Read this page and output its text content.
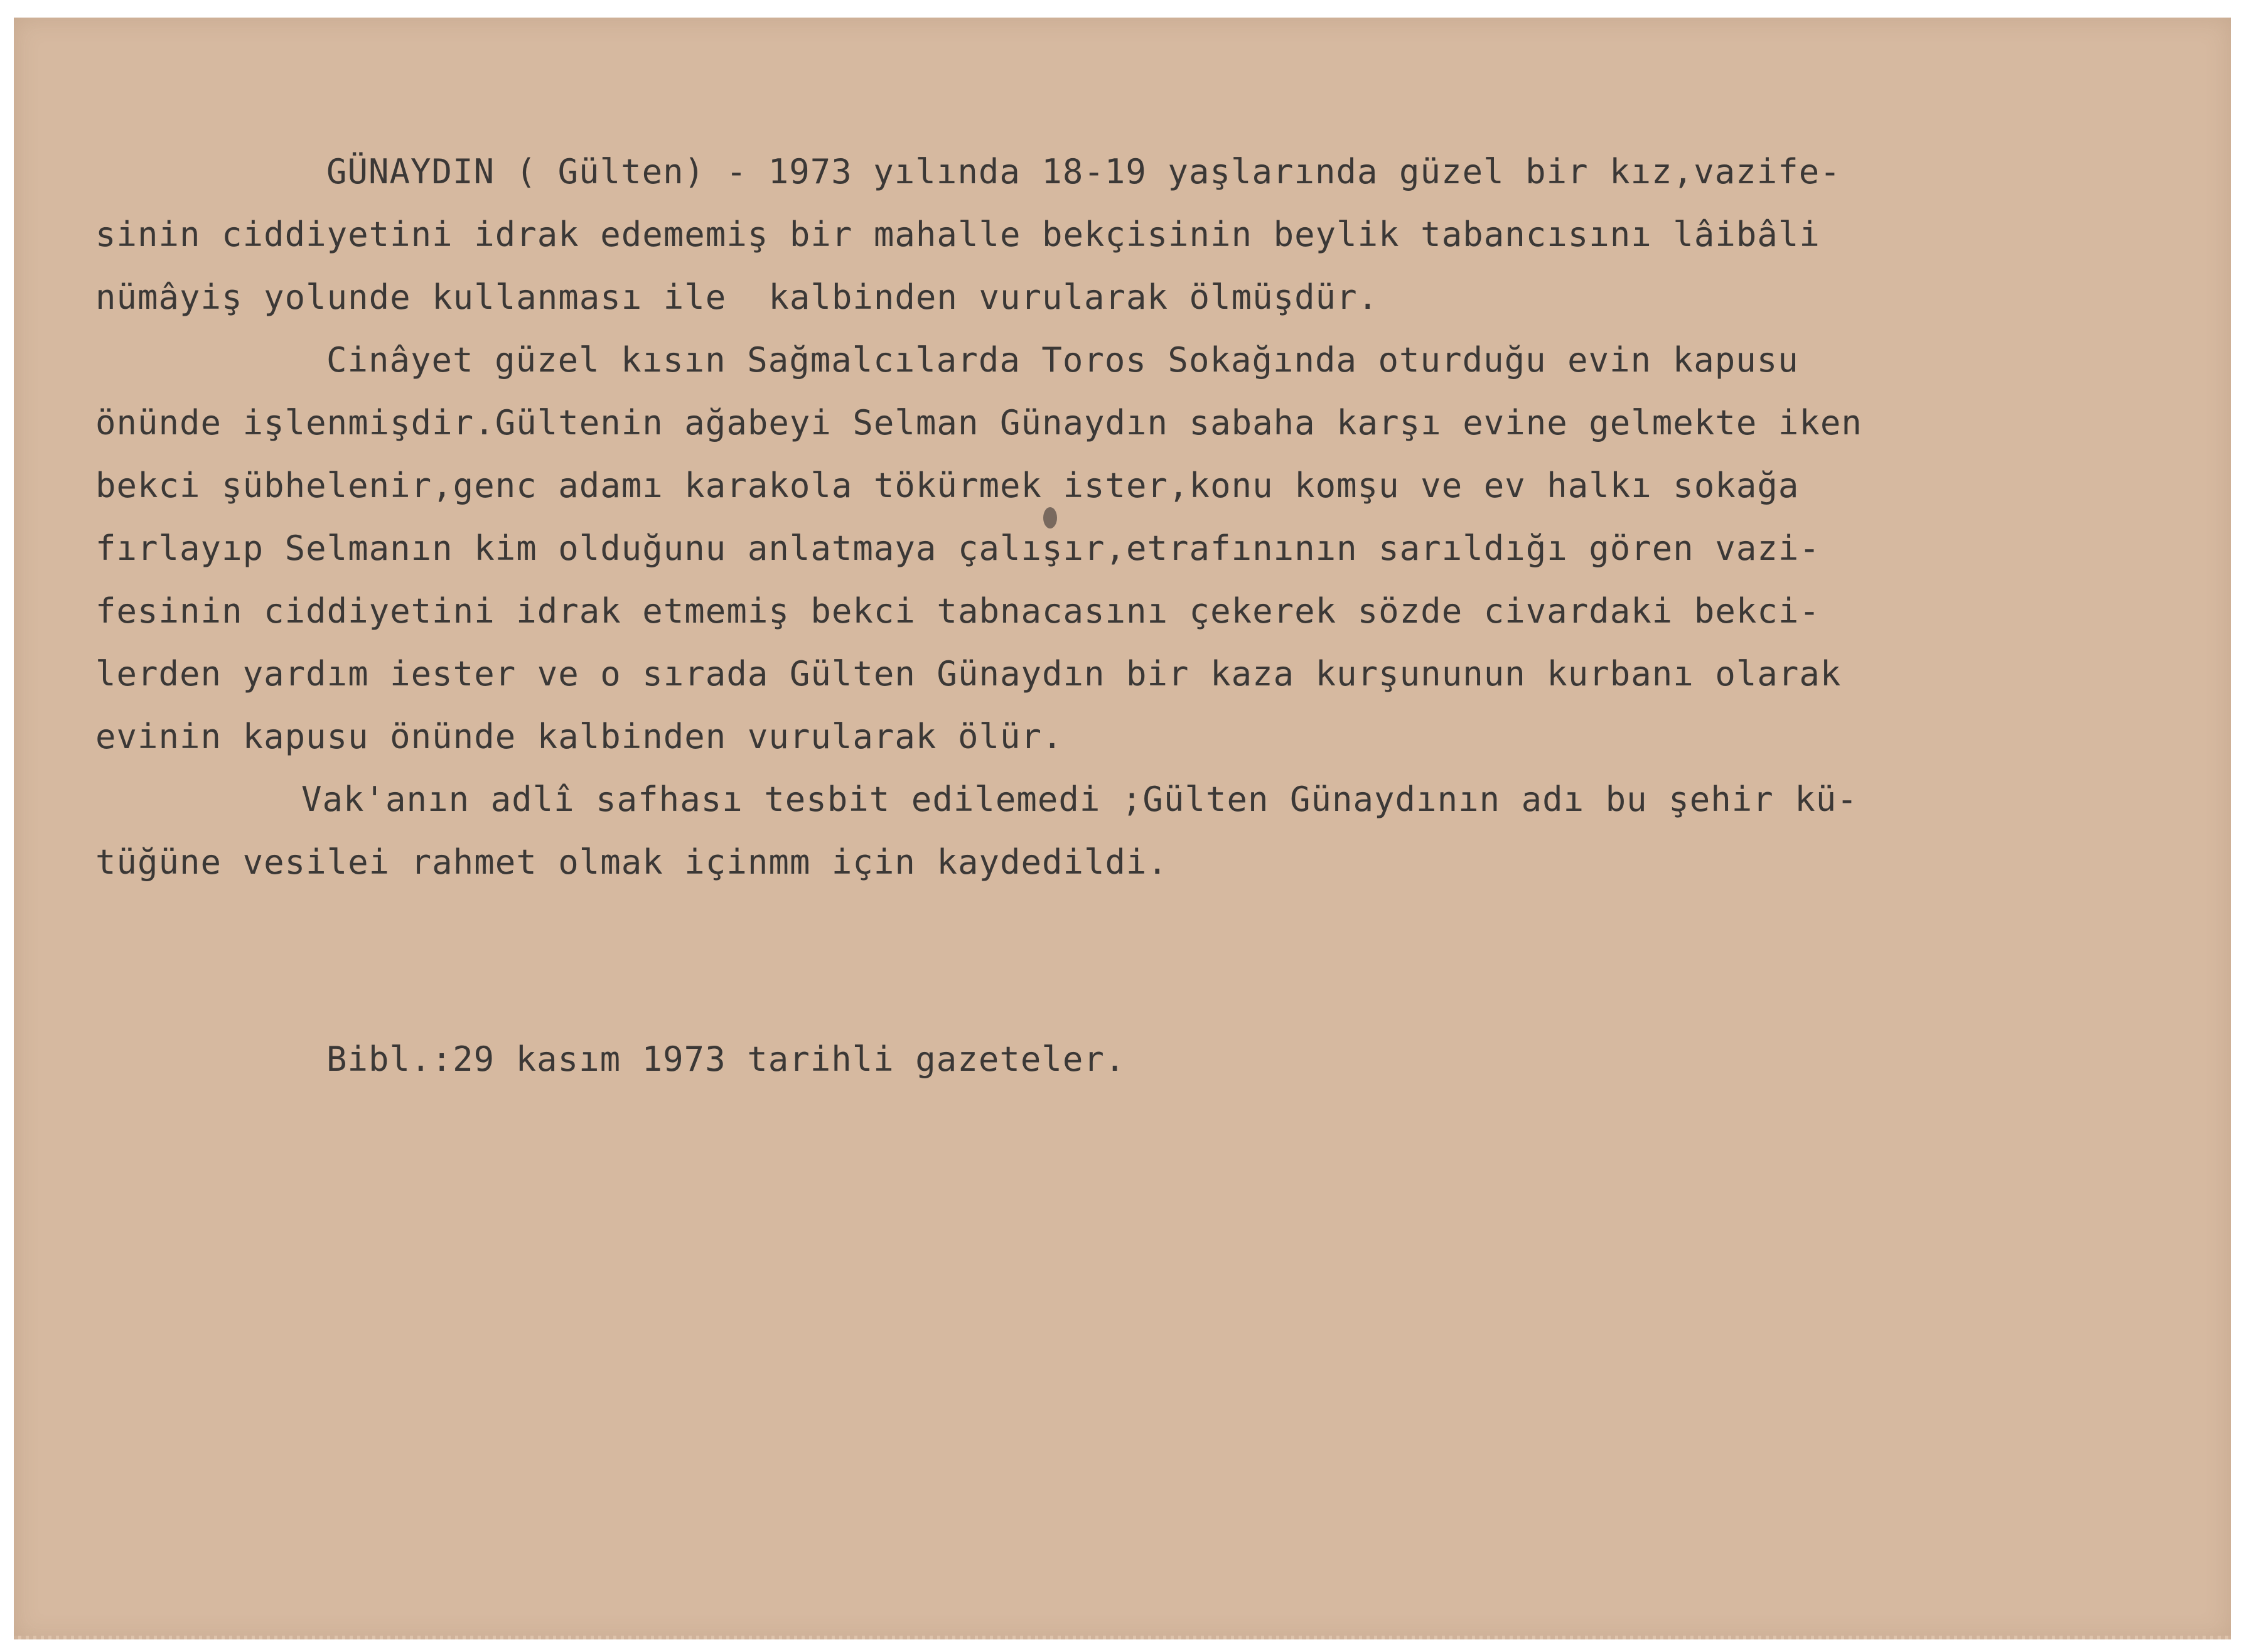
GÜNAYDIN ( Gülten) - 1973 yılında 18-19 yaşlarında güzel bir kız,vazife-
sinin ciddiyetini idrak edememiş bir mahalle bekçisinin beylik tabancısını lâibâli
nümâyiş yolunde kullanması ile  kalbinden vurularak ölmüşdür.
Cinâyet güzel kısın Sağmalcılarda Toros Sokağında oturduğu evin kapusu
önünde işlenmişdir.Gültenin ağabeyi Selman Günaydın sabaha karşı evine gelmekte iken
bekci şübhelenir,genc adamı karakola tökürmek ister,konu komşu ve ev halkı sokağa
fırlayıp Selmanın kim olduğunu anlatmaya çalışır,etrafınının sarıldığı gören vazi-
fesinin ciddiyetini idrak etmemiş bekci tabnacasını çekerek sözde civardaki bekci-
lerden yardım iester ve o sırada Gülten Günaydın bir kaza kurşununun kurbanı olarak
evinin kapusu önünde kalbinden vurularak ölür.
Vak'anın adlî safhası tesbit edilemedi ;Gülten Günaydının adı bu şehir kü-
tüğüne vesilei rahmet olmak içinmm için kaydedildi.
Bibl.:29 kasım 1973 tarihli gazeteler.
